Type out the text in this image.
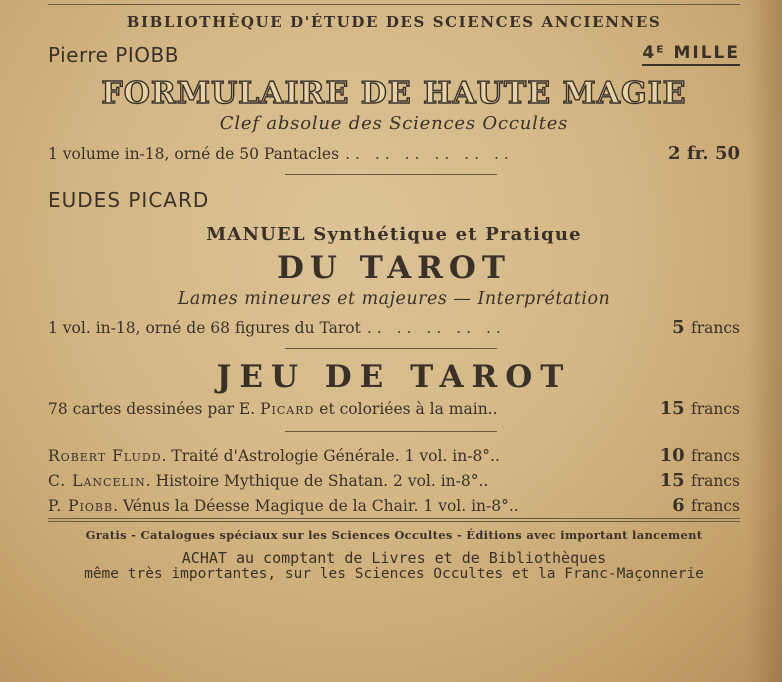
BIBLIOTHÈQUE D'ÉTUDE DES SCIENCES ANCIENNES
Pierre PIOBB	4ᴱ MILLE
FORMULAIRE DE HAUTE MAGIE
Clef absolue des Sciences Occultes
1 volume in-18, orné de 50 Pantacles .. .. .. .. .. ..	2 fr. 50
EUDES PICARD
MANUEL Synthétique et Pratique
DU TAROT
Lames mineures et majeures — Interprétation
1 vol. in-18, orné de 68 figures du Tarot .. .. .. .. ..	5 francs
JEU DE TAROT
78 cartes dessinées par E. Picard et coloriées à la main..	15 francs
Robert Fludd. Traité d'Astrologie Générale. 1 vol. in-8°..	10 francs
C. Lancelin. Histoire Mythique de Shatan. 2 vol. in-8°..	15 francs
P. Piobb. Vénus la Déesse Magique de la Chair. 1 vol. in-8°..	6 francs
Gratis - Catalogues spéciaux sur les Sciences Occultes - Éditions avec important lancement
ACHAT au comptant de Livres et de Bibliothèques
même très importantes, sur les Sciences Occultes et la Franc-Maçonnerie
